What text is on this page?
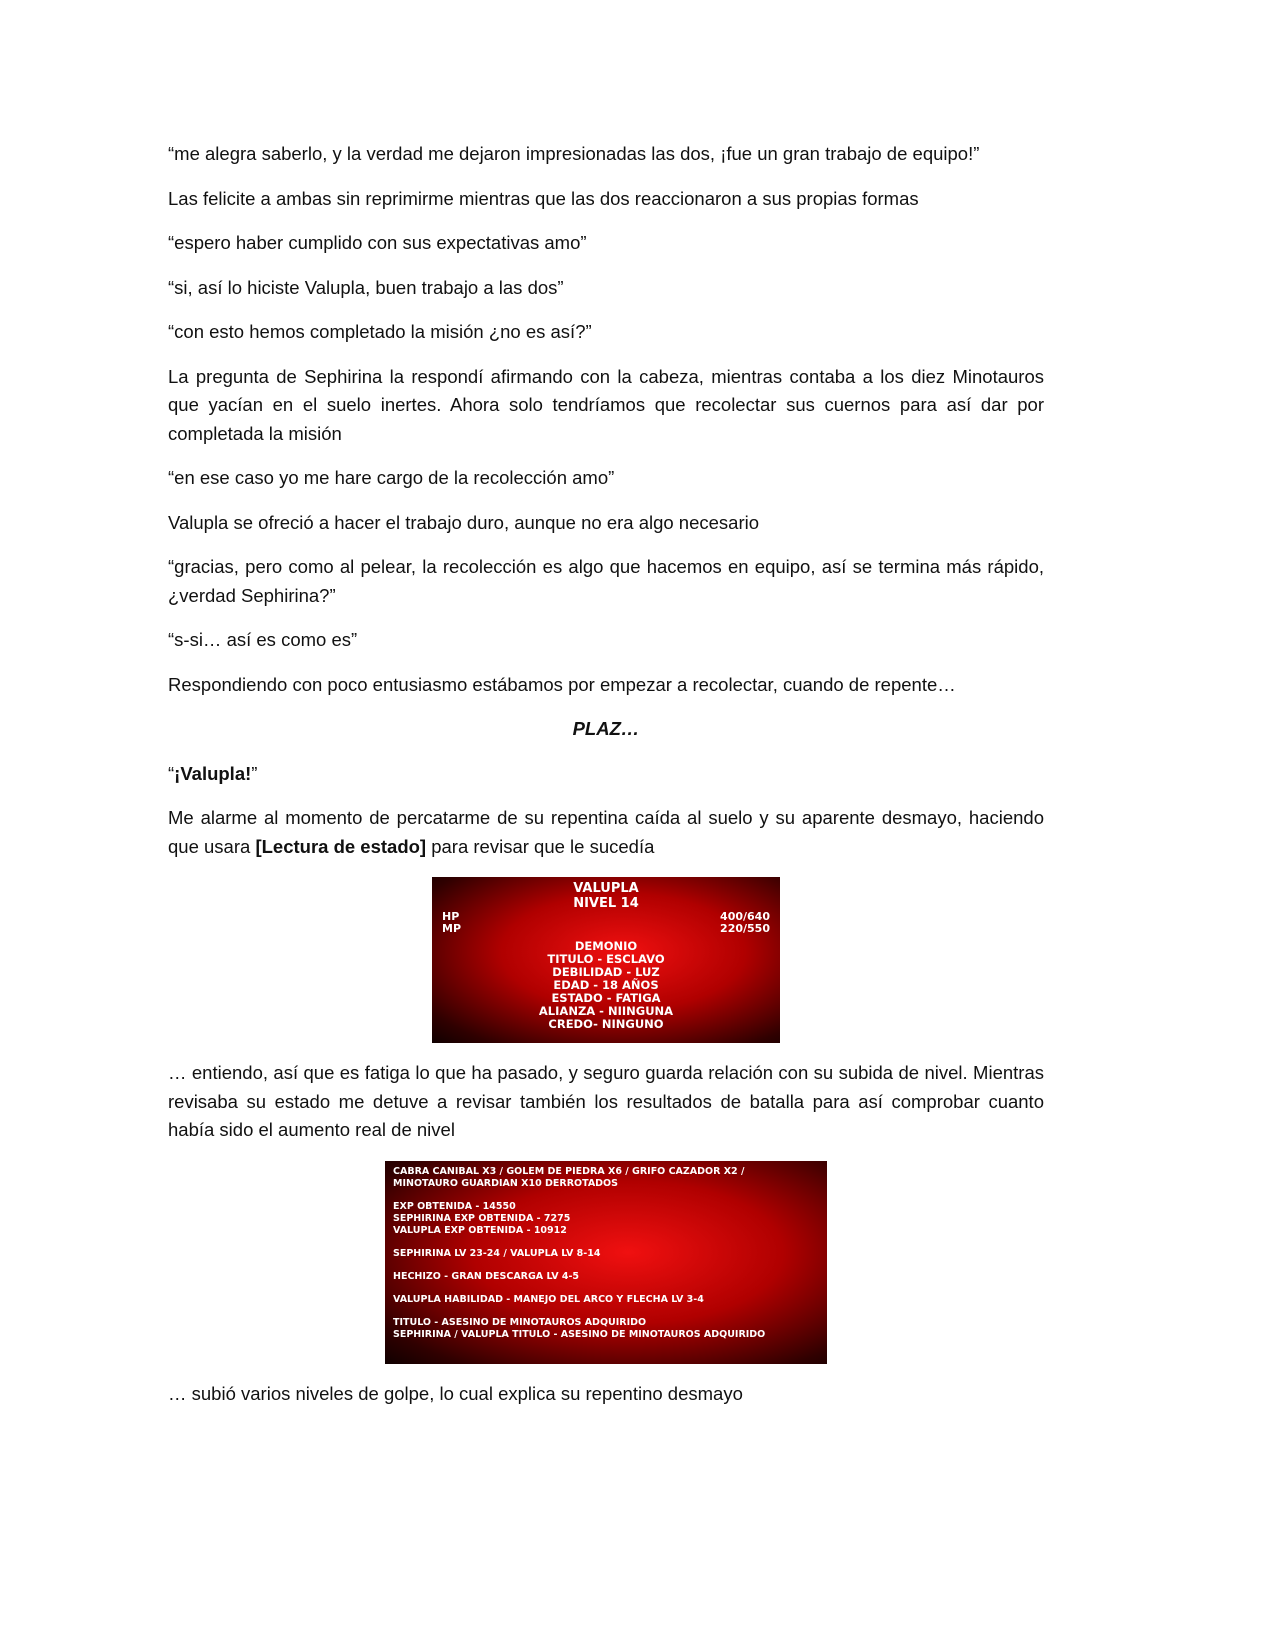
“me alegra saberlo, y la verdad me dejaron impresionadas las dos, ¡fue un gran trabajo de equipo!”

Las felicite a ambas sin reprimirme mientras que las dos reaccionaron a sus propias formas

“espero haber cumplido con sus expectativas amo”

“si, así lo hiciste Valupla, buen trabajo a las dos”

“con esto hemos completado la misión ¿no es así?”

La pregunta de Sephirina la respondí afirmando con la cabeza, mientras contaba a los diez Minotauros que yacían en el suelo inertes. Ahora solo tendríamos que recolectar sus cuernos para así dar por completada la misión

“en ese caso yo me hare cargo de la recolección amo”

Valupla se ofreció a hacer el trabajo duro, aunque no era algo necesario

“gracias, pero como al pelear, la recolección es algo que hacemos en equipo, así se termina más rápido, ¿verdad Sephirina?”

“s-si… así es como es”

Respondiendo con poco entusiasmo estábamos por empezar a recolectar, cuando de repente…

PLAZ…

“¡Valupla!”

Me alarme al momento de percatarme de su repentina caída al suelo y su aparente desmayo, haciendo que usara [Lectura de estado] para revisar que le sucedía

VALUPLA
NIVEL 14
HP	400/640
MP	220/550
DEMONIO
TITULO - ESCLAVO
DEBILIDAD - LUZ
EDAD - 18 AÑOS
ESTADO - FATIGA
ALIANZA - NIINGUNA
CREDO- NINGUNO

… entiendo, así que es fatiga lo que ha pasado, y seguro guarda relación con su subida de nivel. Mientras revisaba su estado me detuve a revisar también los resultados de batalla para así comprobar cuanto había sido el aumento real de nivel

CABRA CANIBAL X3 / GOLEM DE PIEDRA X6 / GRIFO CAZADOR X2 /
MINOTAURO GUARDIAN X10 DERROTADOS
EXP OBTENIDA - 14550
SEPHIRINA EXP OBTENIDA - 7275
VALUPLA EXP OBTENIDA - 10912
SEPHIRINA LV 23-24 / VALUPLA LV 8-14
HECHIZO - GRAN DESCARGA LV 4-5
VALUPLA HABILIDAD - MANEJO DEL ARCO Y FLECHA LV 3-4
TITULO - ASESINO DE MINOTAUROS ADQUIRIDO
SEPHIRINA / VALUPLA TITULO - ASESINO DE MINOTAUROS ADQUIRIDO

… subió varios niveles de golpe, lo cual explica su repentino desmayo
